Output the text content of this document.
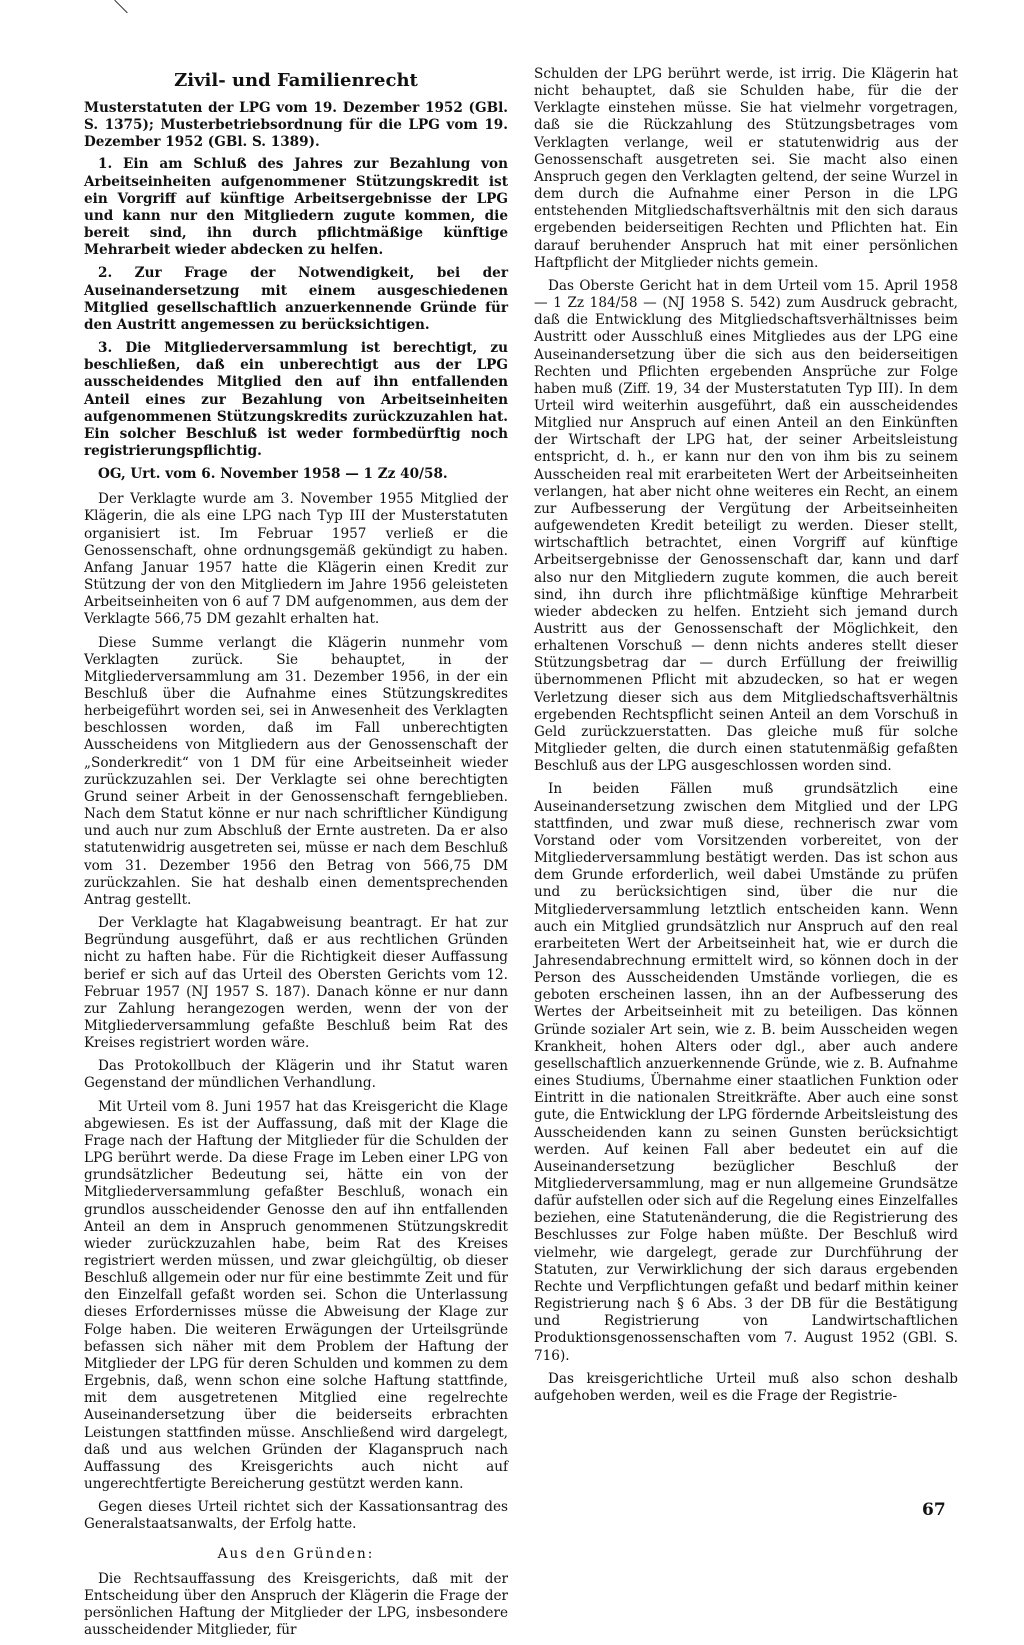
Zivil- und Familienrecht
Musterstatuten der LPG vom 19. Dezember 1952 (GBl. S. 1375); Musterbetriebsordnung für die LPG vom 19. Dezember 1952 (GBl. S. 1389).
1. Ein am Schluß des Jahres zur Bezahlung von Arbeitseinheiten aufgenommener Stützungskredit ist ein Vorgriff auf künftige Arbeitsergebnisse der LPG und kann nur den Mitgliedern zugute kommen, die bereit sind, ihn durch pflichtmäßige künftige Mehrarbeit wieder abdecken zu helfen.
2. Zur Frage der Notwendigkeit, bei der Auseinandersetzung mit einem ausgeschiedenen Mitglied gesellschaftlich anzuerkennende Gründe für den Austritt angemessen zu berücksichtigen.
3. Die Mitgliederversammlung ist berechtigt, zu beschließen, daß ein unberechtigt aus der LPG ausscheidendes Mitglied den auf ihn entfallenden Anteil eines zur Bezahlung von Arbeitseinheiten aufgenommenen Stützungskredits zurückzuzahlen hat. Ein solcher Beschluß ist weder formbedürftig noch registrierungspflichtig.
OG, Urt. vom 6. November 1958 — 1 Zz 40/58.

Der Verklagte wurde am 3. November 1955 Mitglied der Klägerin, die als eine LPG nach Typ III der Musterstatuten organisiert ist. Im Februar 1957 verließ er die Genossenschaft, ohne ordnungsgemäß gekündigt zu haben. Anfang Januar 1957 hatte die Klägerin einen Kredit zur Stützung der von den Mitgliedern im Jahre 1956 geleisteten Arbeitseinheiten von 6 auf 7 DM aufgenommen, aus dem der Verklagte 566,75 DM gezahlt erhalten hat.

Diese Summe verlangt die Klägerin nunmehr vom Verklagten zurück. Sie behauptet, in der Mitgliederversammlung am 31. Dezember 1956, in der ein Beschluß über die Aufnahme eines Stützungskredites herbeigeführt worden sei, sei in Anwesenheit des Verklagten beschlossen worden, daß im Fall unberechtigten Ausscheidens von Mitgliedern aus der Genossenschaft der „Sonderkredit“ von 1 DM für eine Arbeitseinheit wieder zurückzuzahlen sei. Der Verklagte sei ohne berechtigten Grund seiner Arbeit in der Genossenschaft ferngeblieben. Nach dem Statut könne er nur nach schriftlicher Kündigung und auch nur zum Abschluß der Ernte austreten. Da er also statutenwidrig ausgetreten sei, müsse er nach dem Beschluß vom 31. Dezember 1956 den Betrag von 566,75 DM zurückzahlen. Sie hat deshalb einen dementsprechenden Antrag gestellt.

Der Verklagte hat Klagabweisung beantragt. Er hat zur Begründung ausgeführt, daß er aus rechtlichen Gründen nicht zu haften habe. Für die Richtigkeit dieser Auffassung berief er sich auf das Urteil des Obersten Gerichts vom 12. Februar 1957 (NJ 1957 S. 187). Danach könne er nur dann zur Zahlung herangezogen werden, wenn der von der Mitgliederversammlung gefaßte Beschluß beim Rat des Kreises registriert worden wäre.

Das Protokollbuch der Klägerin und ihr Statut waren Gegenstand der mündlichen Verhandlung.

Mit Urteil vom 8. Juni 1957 hat das Kreisgericht die Klage abgewiesen. Es ist der Auffassung, daß mit der Klage die Frage nach der Haftung der Mitglieder für die Schulden der LPG berührt werde. Da diese Frage im Leben einer LPG von grundsätzlicher Bedeutung sei, hätte ein von der Mitgliederversammlung gefaßter Beschluß, wonach ein grundlos ausscheidender Genosse den auf ihn entfallenden Anteil an dem in Anspruch genommenen Stützungskredit wieder zurückzuzahlen habe, beim Rat des Kreises registriert werden müssen, und zwar gleichgültig, ob dieser Beschluß allgemein oder nur für eine bestimmte Zeit und für den Einzelfall gefaßt worden sei. Schon die Unterlassung dieses Erfordernisses müsse die Abweisung der Klage zur Folge haben. Die weiteren Erwägungen der Urteilsgründe befassen sich näher mit dem Problem der Haftung der Mitglieder der LPG für deren Schulden und kommen zu dem Ergebnis, daß, wenn schon eine solche Haftung stattfinde, mit dem ausgetretenen Mitglied eine regelrechte Auseinandersetzung über die beiderseits erbrachten Leistungen stattfinden müsse. Anschließend wird dargelegt, daß und aus welchen Gründen der Klaganspruch nach Auffassung des Kreisgerichts auch nicht auf ungerechtfertigte Bereicherung gestützt werden kann.

Gegen dieses Urteil richtet sich der Kassationsantrag des Generalstaatsanwalts, der Erfolg hatte.

Aus den Gründen:

Die Rechtsauffassung des Kreisgerichts, daß mit der Entscheidung über den Anspruch der Klägerin die Frage der persönlichen Haftung der Mitglieder der LPG, insbesondere ausscheidender Mitglieder, für

Schulden der LPG berührt werde, ist irrig. Die Klägerin hat nicht behauptet, daß sie Schulden habe, für die der Verklagte einstehen müsse. Sie hat vielmehr vorgetragen, daß sie die Rückzahlung des Stützungsbetrages vom Verklagten verlange, weil er statutenwidrig aus der Genossenschaft ausgetreten sei. Sie macht also einen Anspruch gegen den Verklagten geltend, der seine Wurzel in dem durch die Aufnahme einer Person in die LPG entstehenden Mitgliedschaftsverhältnis mit den sich daraus ergebenden beiderseitigen Rechten und Pflichten hat. Ein darauf beruhender Anspruch hat mit einer persönlichen Haftpflicht der Mitglieder nichts gemein.

Das Oberste Gericht hat in dem Urteil vom 15. April 1958 — 1 Zz 184/58 — (NJ 1958 S. 542) zum Ausdruck gebracht, daß die Entwicklung des Mitgliedschaftsverhältnisses beim Austritt oder Ausschluß eines Mitgliedes aus der LPG eine Auseinandersetzung über die sich aus den beiderseitigen Rechten und Pflichten ergebenden Ansprüche zur Folge haben muß (Ziff. 19, 34 der Musterstatuten Typ III). In dem Urteil wird weiterhin ausgeführt, daß ein ausscheidendes Mitglied nur Anspruch auf einen Anteil an den Einkünften der Wirtschaft der LPG hat, der seiner Arbeitsleistung entspricht, d. h., er kann nur den von ihm bis zu seinem Ausscheiden real mit erarbeiteten Wert der Arbeitseinheiten verlangen, hat aber nicht ohne weiteres ein Recht, an einem zur Aufbesserung der Vergütung der Arbeitseinheiten aufgewendeten Kredit beteiligt zu werden. Dieser stellt, wirtschaftlich betrachtet, einen Vorgriff auf künftige Arbeitsergebnisse der Genossenschaft dar, kann und darf also nur den Mitgliedern zugute kommen, die auch bereit sind, ihn durch ihre pflichtmäßige künftige Mehrarbeit wieder abdecken zu helfen. Entzieht sich jemand durch Austritt aus der Genossenschaft der Möglichkeit, den erhaltenen Vorschuß — denn nichts anderes stellt dieser Stützungsbetrag dar — durch Erfüllung der freiwillig übernommenen Pflicht mit abzudecken, so hat er wegen Verletzung dieser sich aus dem Mitgliedschaftsverhältnis ergebenden Rechtspflicht seinen Anteil an dem Vorschuß in Geld zurückzuerstatten. Das gleiche muß für solche Mitglieder gelten, die durch einen statutenmäßig gefaßten Beschluß aus der LPG ausgeschlossen worden sind.

In beiden Fällen muß grundsätzlich eine Auseinandersetzung zwischen dem Mitglied und der LPG stattfinden, und zwar muß diese, rechnerisch zwar vom Vorstand oder vom Vorsitzenden vorbereitet, von der Mitgliederversammlung bestätigt werden. Das ist schon aus dem Grunde erforderlich, weil dabei Umstände zu prüfen und zu berücksichtigen sind, über die nur die Mitgliederversammlung letztlich entscheiden kann. Wenn auch ein Mitglied grundsätzlich nur Anspruch auf den real erarbeiteten Wert der Arbeitseinheit hat, wie er durch die Jahresendabrechnung ermittelt wird, so können doch in der Person des Ausscheidenden Umstände vorliegen, die es geboten erscheinen lassen, ihn an der Aufbesserung des Wertes der Arbeitseinheit mit zu beteiligen. Das können Gründe sozialer Art sein, wie z. B. beim Ausscheiden wegen Krankheit, hohen Alters oder dgl., aber auch andere gesellschaftlich anzuerkennende Gründe, wie z. B. Aufnahme eines Studiums, Übernahme einer staatlichen Funktion oder Eintritt in die nationalen Streitkräfte. Aber auch eine sonst gute, die Entwicklung der LPG fördernde Arbeitsleistung des Ausscheidenden kann zu seinen Gunsten berücksichtigt werden. Auf keinen Fall aber bedeutet ein auf die Auseinandersetzung bezüglicher Beschluß der Mitgliederversammlung, mag er nun allgemeine Grundsätze dafür aufstellen oder sich auf die Regelung eines Einzelfalles beziehen, eine Statutenänderung, die die Registrierung des Beschlusses zur Folge haben müßte. Der Beschluß wird vielmehr, wie dargelegt, gerade zur Durchführung der Statuten, zur Verwirklichung der sich daraus ergebenden Rechte und Verpflichtungen gefaßt und bedarf mithin keiner Registrierung nach § 6 Abs. 3 der DB für die Bestätigung und Registrierung von Landwirtschaftlichen Produktionsgenossenschaften vom 7. August 1952 (GBl. S. 716).

Das kreisgerichtliche Urteil muß also schon deshalb aufgehoben werden, weil es die Frage der Registrie-

67
